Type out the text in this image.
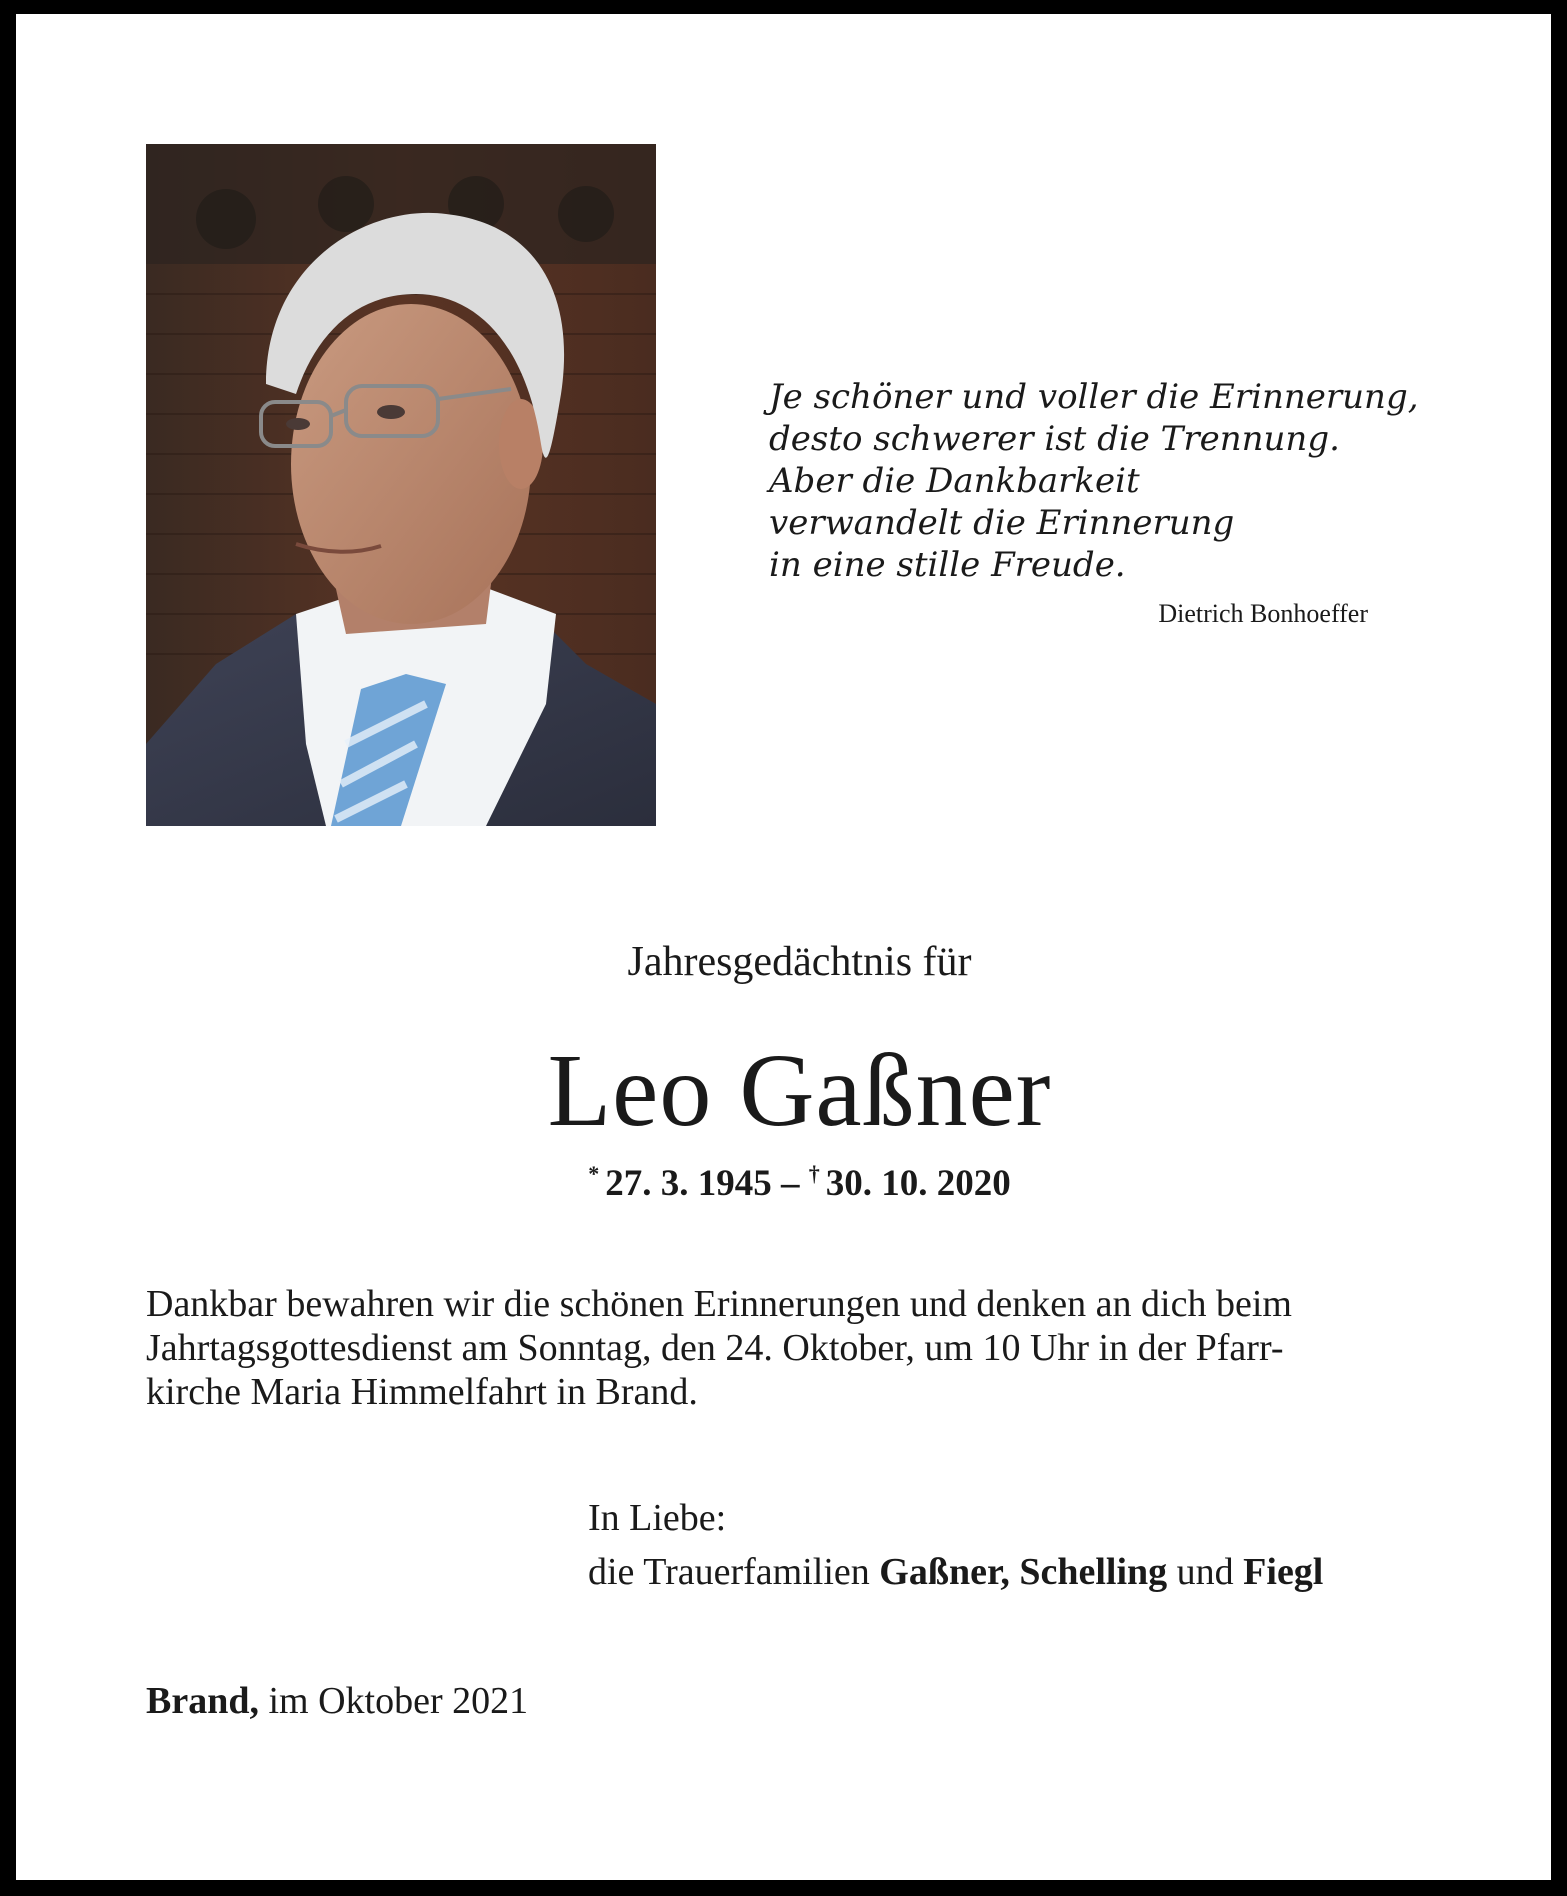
Je schöner und voller die Erinnerung,
desto schwerer ist die Trennung.
Aber die Dankbarkeit
verwandelt die Erinnerung
in eine stille Freude.
Dietrich Bonhoeffer
Jahresgedächtnis für
Leo Gaßner
* 27. 3. 1945 – † 30. 10. 2020
Dankbar bewahren wir die schönen Erinnerungen und denken an dich beim
Jahrtagsgottesdienst am Sonntag, den 24. Oktober, um 10 Uhr in der Pfarr-
kirche Maria Himmelfahrt in Brand.
In Liebe:
die Trauerfamilien Gaßner, Schelling und Fiegl
Brand, im Oktober 2021
